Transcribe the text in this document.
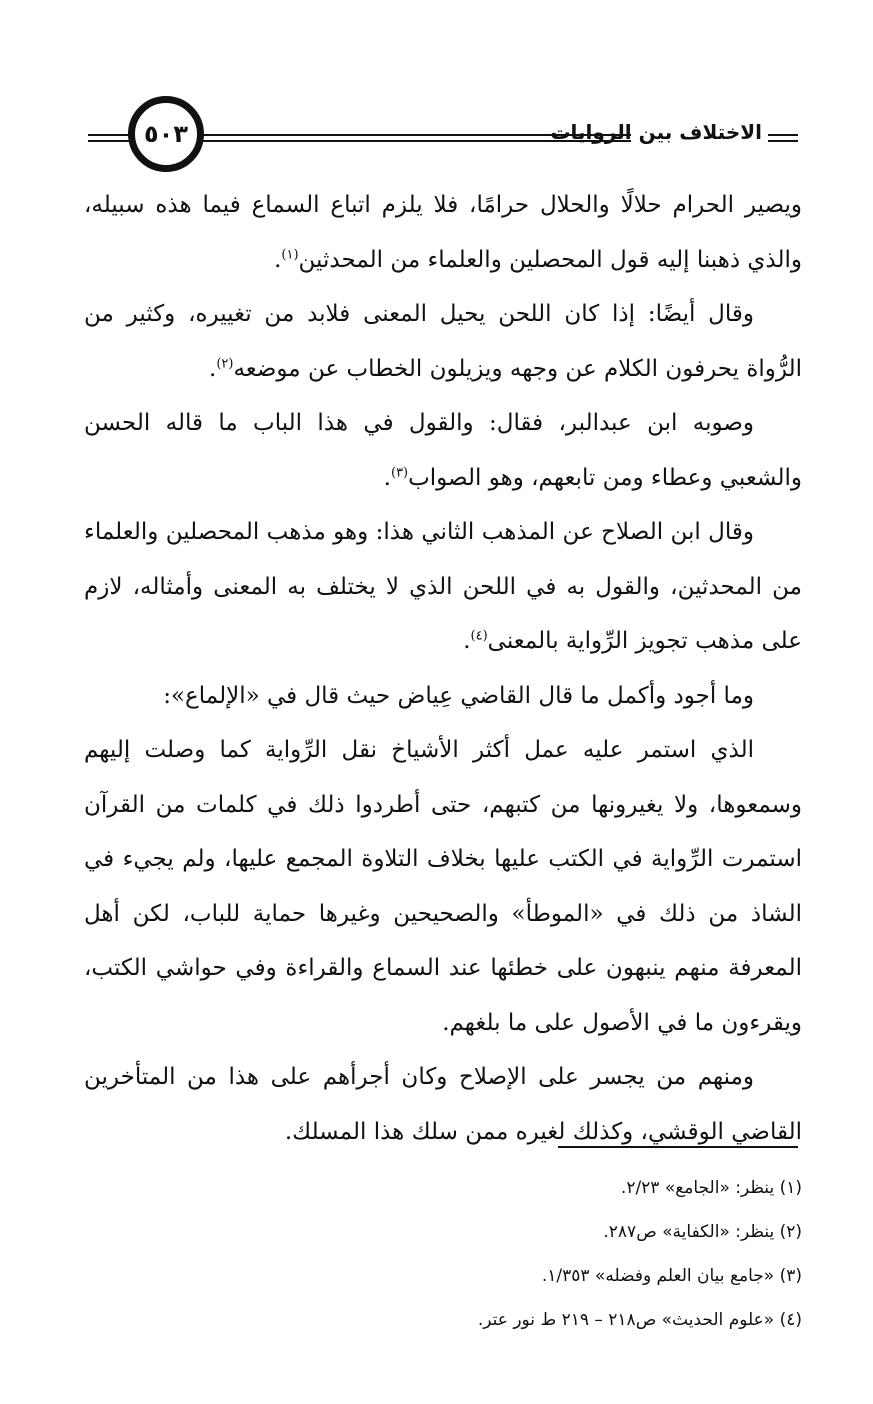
٥٠٣	الاختلاف بين الروايات

ويصير الحرام حلالًا والحلال حرامًا، فلا يلزم اتباع السماع فيما هذه سبيله، والذي ذهبنا إليه قول المحصلين والعلماء من المحدثين$^{(١)}$.

وقال أيضًا: إذا كان اللحن يحيل المعنى فلابد من تغييره، وكثير من الرُّواة يحرفون الكلام عن وجهه ويزيلون الخطاب عن موضعه$^{(٢)}$.

وصوبه ابن عبدالبر، فقال: والقول في هذا الباب ما قاله الحسن والشعبي وعطاء ومن تابعهم، وهو الصواب$^{(٣)}$.

وقال ابن الصلاح عن المذهب الثاني هذا: وهو مذهب المحصلين والعلماء من المحدثين، والقول به في اللحن الذي لا يختلف به المعنى وأمثاله، لازم على مذهب تجويز الرِّواية بالمعنى$^{(٤)}$.

وما أجود وأكمل ما قال القاضي عِياض حيث قال في «الإلماع»:

الذي استمر عليه عمل أكثر الأشياخ نقل الرِّواية كما وصلت إليهم وسمعوها، ولا يغيرونها من كتبهم، حتى أطردوا ذلك في كلمات من القرآن استمرت الرِّواية في الكتب عليها بخلاف التلاوة المجمع عليها، ولم يجيء في الشاذ من ذلك في «الموطأ» والصحيحين وغيرها حماية للباب، لكن أهل المعرفة منهم ينبهون على خطئها عند السماع والقراءة وفي حواشي الكتب، ويقرءون ما في الأصول على ما بلغهم.

ومنهم من يجسر على الإصلاح وكان أجرأهم على هذا من المتأخرين القاضي الوقشي، وكذلك لغيره ممن سلك هذا المسلك.

(١) ينظر: «الجامع» ٢/٢٣.
(٢) ينظر: «الكفاية» ص٢٨٧.
(٣) «جامع بيان العلم وفضله» ١/٣٥٣.
(٤) «علوم الحديث» ص٢١٨ – ٢١٩ ط نور عتر.
